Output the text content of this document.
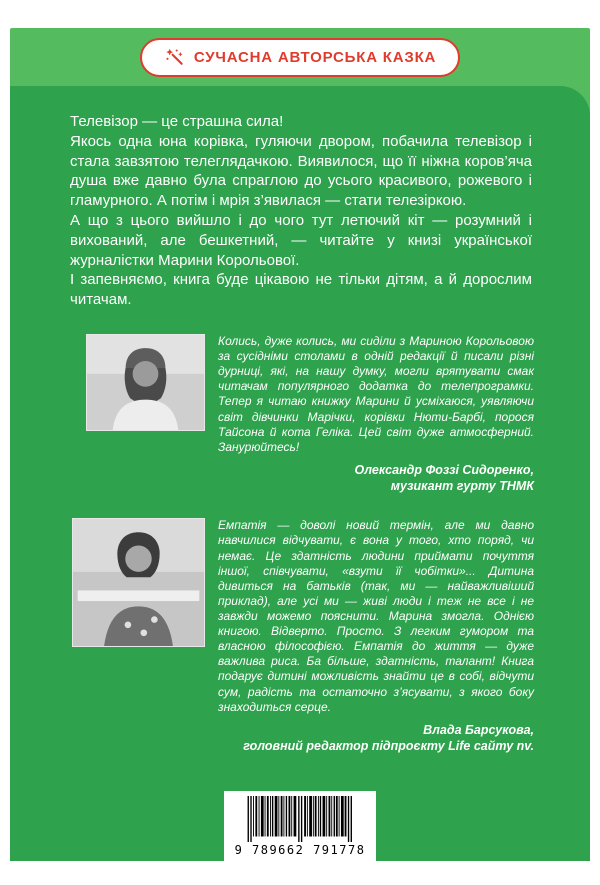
СУЧАСНА АВТОРСЬКА КАЗКА

Телевізор — це страшна сила!

Якось одна юна корівка, гуляючи двором, побачила телевізор і стала завзятою телеглядачкою. Виявилося, що її ніжна коров’яча душа вже давно була спраглою до усього красивого, рожевого і гламурного. А потім і мрія з’явилася — стати телезіркою.

А що з цього вийшло і до чого тут летючий кіт — розумний і вихований, але бешкетний, — читайте у книзі української журналістки Марини Корольової.

І запевняємо, книга буде цікавою не тільки дітям, а й дорослим читачам.

Колись, дуже колись, ми сиділи з Мариною Корольовою за сусідніми столами в одній редакції й писали різні дурниці, які, на нашу думку, могли врятувати смак читачам популярного додатка до телепрограмки. Тепер я читаю книжку Марини й усміхаюся, уявляючи світ дівчинки Марічки, корівки Нюти-Барбі, порося Тайсона й кота Геліка. Цей світ дуже атмосферний. Занурюйтесь!

Олександр Фоззі Сидоренко,
музикант гурту ТНМК

Емпатія — доволі новий термін, але ми давно навчилися відчувати, є вона у того, хто поряд, чи немає. Це здатність людини приймати почуття іншої, співчувати, «взути її чобітки»... Дитина дивиться на батьків (так, ми — найважливіший приклад), але усі ми — живі люди і теж не все і не завжди можемо пояснити. Марина змогла. Однією книгою. Відверто. Просто. З легким гумором та власною філософією. Емпатія до життя — дуже важлива риса. Ба більше, здатність, талант! Книга подарує дитині можливість знайти це в собі, відчути сум, радість та остаточно з’ясувати, з якого боку знаходиться серце.

Влада Барсукова,
головний редактор підпроєкту Life сайту nv.

9 789662 791778
